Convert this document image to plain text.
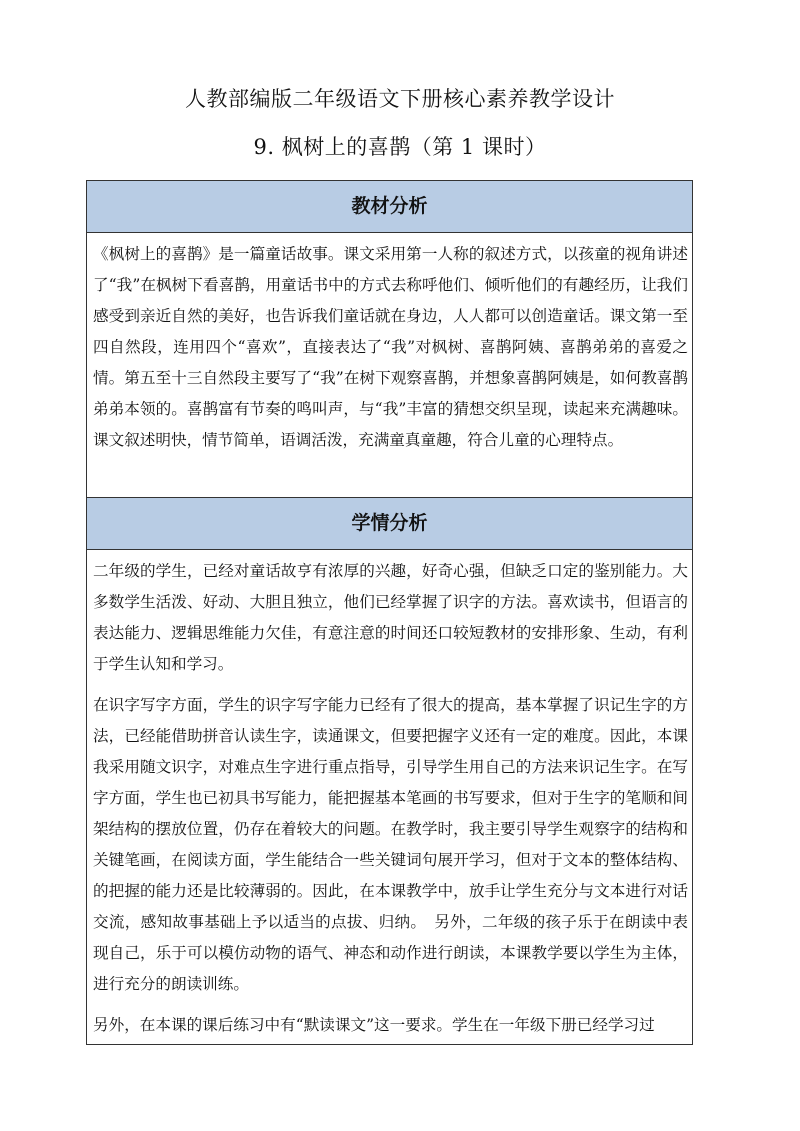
人教部编版二年级语文下册核心素养教学设计
9. 枫树上的喜鹊（第 1 课时）
教材分析

《枫树上的喜鹊》是一篇童话故事。课文采用第一人称的叙述方式，以孩童的视角讲述了“我”在枫树下看喜鹊，用童话书中的方式去称呼他们、倾听他们的有趣经历，让我们感受到亲近自然的美好，也告诉我们童话就在身边，人人都可以创造童话。课文第一至四自然段，连用四个“喜欢”，直接表达了“我”对枫树、喜鹊阿姨、喜鹊弟弟的喜爱之情。第五至十三自然段主要写了“我”在树下观察喜鹊，并想象喜鹊阿姨是，如何教喜鹊弟弟本领的。喜鹊富有节奏的鸣叫声，与“我”丰富的猜想交织呈现，读起来充满趣味。课文叙述明快，情节简单，语调活泼，充满童真童趣，符合儿童的心理特点。

学情分析

二年级的学生，已经对童话故亨有浓厚的兴趣，好奇心强，但缺乏口定的鉴别能力。大多数学生活泼、好动、大胆且独立，他们已经掌握了识字的方法。喜欢读书，但语言的表达能力、逻辑思维能力欠佳，有意注意的时间还口较短教材的安排形象、生动，有利于学生认知和学习。

在识字写字方面，学生的识字写字能力已经有了很大的提高，基本掌握了识记生字的方法，已经能借助拼音认读生字，读通课文，但要把握字义还有一定的难度。因此，本课我采用随文识字，对难点生字进行重点指导，引导学生用自己的方法来识记生字。在写字方面，学生也已初具书写能力，能把握基本笔画的书写要求，但对于生字的笔顺和间架结构的摆放位置，仍存在着较大的问题。在教学时，我主要引导学生观察字的结构和关键笔画，在阅读方面，学生能结合一些关键词句展开学习，但对于文本的整体结构、的把握的能力还是比较薄弱的。因此，在本课教学中，放手让学生充分与文本进行对话交流，感知故事基础上予以适当的点拔、归纳。　另外，二年级的孩子乐于在朗读中表现自己，乐于可以模仿动物的语气、神态和动作进行朗读，本课教学要以学生为主体，进行充分的朗读训练。

另外，在本课的课后练习中有“默读课文”这一要求。学生在一年级下册已经学习过
